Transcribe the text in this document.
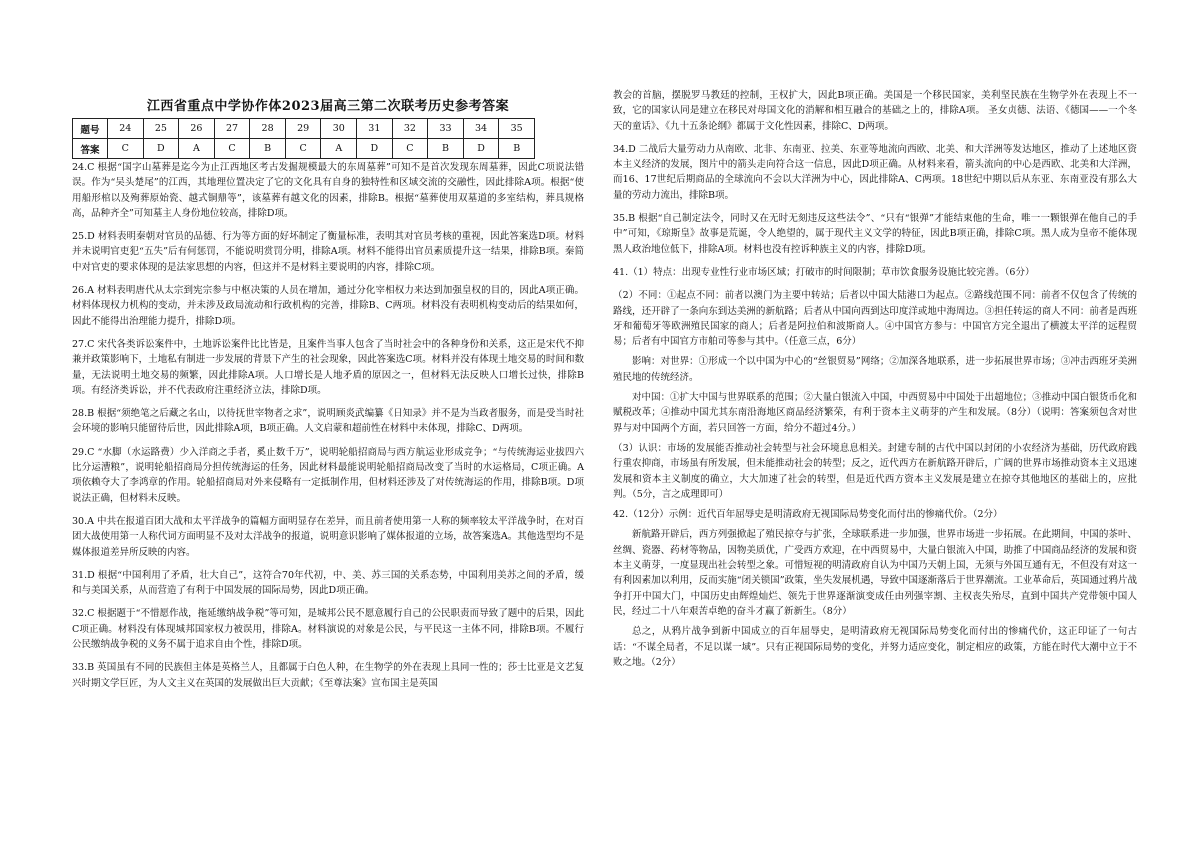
江西省重点中学协作体2023届高三第二次联考历史参考答案
题号	24	25	26	27	28	29	30	31	32	33	34	35
答案	C	D	A	C	B	C	A	D	C	B	D	B

24.C 根据“国字山墓葬是迄今为止江西地区考古发掘规模最大的东周墓葬”可知不是首次发现东周墓葬，因此C项说法错误。作为“吴头楚尾”的江西，其地理位置决定了它的文化具有自身的独特性和区域交流的交融性，因此排除A项。根据“使用船形棺以及殉葬原始瓷、越式铜鼎等”，该墓葬有越文化的因素，排除B。根据“墓葬使用双墓道的多室结构，葬具规格高，品种齐全”可知墓主人身份地位较高，排除D项。

25.D 材料表明秦朝对官员的品德、行为等方面的好坏制定了衡量标准，表明其对官员考核的重视，因此答案选D项。材料并未说明官吏犯“五失”后有何惩罚，不能说明赏罚分明，排除A项。材料不能得出官员素质提升这一结果，排除B项。秦简中对官吏的要求体现的是法家思想的内容，但这并不是材料主要说明的内容，排除C项。

26.A 材料表明唐代从太宗到宪宗参与中枢决策的人员在增加，通过分化宰相权力来达到加强皇权的目的，因此A项正确。材料体现权力机构的变动，并未涉及政局流动和行政机构的完善，排除B、C两项。材料没有表明机构变动后的结果如何，因此不能得出治理能力提升，排除D项。

27.C 宋代各类诉讼案件中，土地诉讼案件比比皆是，且案件当事人包含了当时社会中的各种身份和关系，这正是宋代不抑兼并政策影响下，土地私有制进一步发展的背景下产生的社会现象，因此答案选C项。材料并没有体现土地交易的时间和数量，无法说明土地交易的频繁，因此排除A项。人口增长是人地矛盾的原因之一，但材料无法反映人口增长过快，排除B项。有经济类诉讼，并不代表政府注重经济立法，排除D项。

28.B 根据“须绝笔之后藏之名山，以待抚世宰物者之求”，说明顾炎武编纂《日知录》并不是为当政者服务，而是受当时社会环境的影响只能留待后世，因此排除A项，B项正确。人文启蒙和超前性在材料中未体现，排除C、D两项。

29.C “水脚（水运路费）少入洋商之手者，奚止数千万”，说明轮船招商局与西方航运业形成竞争；“与传统海运业拔四六比分运漕粮”，说明轮船招商局分担传统海运的任务，因此材料最能说明轮船招商局改变了当时的水运格局，C项正确。A项依赖夺大了李鸿章的作用。轮船招商局对外来侵略有一定抵制作用，但材料还涉及了对传统海运的作用，排除B项。D项说法正确，但材料未反映。

30.A 中共在报道百团大战和太平洋战争的篇幅方面明显存在差异，而且前者使用第一人称的频率较太平洋战争时，在对百团大战使用第一人称代词方面明显不及对太洋战争的报道，说明意识影响了媒体报道的立场，故答案选A。其他选型均不是媒体报道差异所反映的内容。

31.D 根据“中国利用了矛盾，壮大自己”，这符合70年代初，中、美、苏三国的关系态势，中国利用美苏之间的矛盾，缓和与美国关系，从而营造了有利于中国发展的国际局势，因此D项正确。

32.C 根据题于“不惜愿作战，拖延缴纳战争税”等可知，是城邦公民不愿意履行自己的公民职责而导致了题中的后果，因此C项正确。材料没有体现城邦国家权力被误用，排除A。材料演说的对象是公民，与平民这一主体不同，排除B项。不履行公民缴纳战争税的义务不属于追求自由个性，排除D项。

33.B 英国虽有不同的民族但主体是英格兰人，且都属于白色人种，在生物学的外在表现上具同一性的；莎士比亚是文艺复兴时期文学巨匠，为人文主义在英国的发展做出巨大贡献；《至尊法案》宣布国主是英国

教会的首脑，摆脱罗马教廷的控制，王权扩大，因此B项正确。美国是一个移民国家，美利坚民族在生物学外在表现上不一致，它的国家认同是建立在移民对母国文化的消解和相互融合的基础之上的，排除A项。 圣女贞德、法语、《德国——一个冬天的童话》、《九十五条论纲》都属于文化性因素，排除C、D两项。

34.D 二战后大量劳动力从南欧、北非、东南亚、拉美、东亚等地流向西欧、北美、和大洋洲等发达地区，推动了上述地区资本主义经济的发展，图片中的箭头走向符合这一信息，因此D项正确。从材料来看，箭头流向的中心是西欧、北美和大洋洲，而16、17世纪后期商品的全球流向不会以大洋洲为中心，因此排除A、C两项。18世纪中期以后从东亚、东南亚没有那么大量的劳动力流出，排除B项。

35.B 根据“自己制定法令，同时又在无时无刻违反这些法令”、“只有“银弹”才能结束他的生命，唯一一颗银弹在他自己的手中”可知，《琼斯皇》故事是荒诞，令人绝望的，属于现代主义文学的特征，因此B项正确，排除C项。黑人成为皇帝不能体现黑人政治地位低下，排除A项。材料也没有控诉种族主义的内容，排除D项。

41.（1）特点：出现专业性行业市场区域；打破市的时间限制；草市饮食服务设施比较完善。（6分）

（2）不同：①起点不同：前者以澳门为主要中转站；后者以中国大陆港口为起点。②路线范围不同：前者不仅包含了传统的路线，还开辟了一条向东到达美洲的新航路；后者从中国向西到达印度洋或地中海周边。③担任转运的商人不同：前者是西班牙和葡萄牙等欧洲殖民国家的商人；后者是阿拉伯和波斯商人。④中国官方参与：中国官方完全退出了横渡太平洋的远程贸易；后者有中国官方市舶司等参与其中。（任意三点，6分）

影响：对世界：①形成一个以中国为中心的“丝银贸易”网络；②加深各地联系，进一步拓展世界市场；③冲击西班牙美洲殖民地的传统经济。

对中国：①扩大中国与世界联系的范围；②大量白银流入中国，中西贸易中中国处于出超地位；③推动中国白银货币化和赋税改革；④推动中国尤其东南沿海地区商品经济繁荣，有利于资本主义萌芽的产生和发展。（8分）（说明：答案须包含对世界与对中国两个方面，若只回答一方面，给分不超过4分。）

（3）认识：市场的发展能否推动社会转型与社会环境息息相关。封建专制的古代中国以封闭的小农经济为基础，历代政府践行重农抑商，市场虽有所发展，但未能推动社会的转型；反之，近代西方在新航路开辟后，广阔的世界市场推动资本主义迅速发展和资本主义制度的确立，大大加速了社会的转型，但是近代西方资本主义发展是建立在掠夺其他地区的基础上的，应批判。（5分，言之成理即可）

42.（12分）示例：近代百年屈辱史是明清政府无视国际局势变化而付出的惨痛代价。（2分）

新航路开辟后，西方列强掀起了殖民掠夺与扩张，全球联系进一步加强，世界市场进一步拓展。在此期间，中国的茶叶、丝绸、瓷器、药材等物品，因物美质优，广受西方欢迎，在中西贸易中，大量白银流入中国，助推了中国商品经济的发展和资本主义萌芽，一度显现出社会转型之象。可惜短视的明清政府自认为中国乃天朝上国，无须与外国互通有无，不但没有对这一有利因素加以利用，反而实施“闭关锁国”政策，坐失发展机遇，导致中国逐渐落后于世界潮流。工业革命后，英国通过鸦片战争打开中国大门，中国历史由辉煌灿烂、领先于世界逐渐演变成任由列强宰割、主权丧失殆尽，直到中国共产党带领中国人民，经过二十八年艰苦卓绝的奋斗才赢了新新生。（8分）

总之，从鸦片战争到新中国成立的百年屈辱史，是明清政府无视国际局势变化而付出的惨痛代价，这正印证了一句古话：“不谋全局者，不足以谋一域”。只有正视国际局势的变化，并努力适应变化，制定相应的政策，方能在时代大潮中立于不败之地。（2分）
